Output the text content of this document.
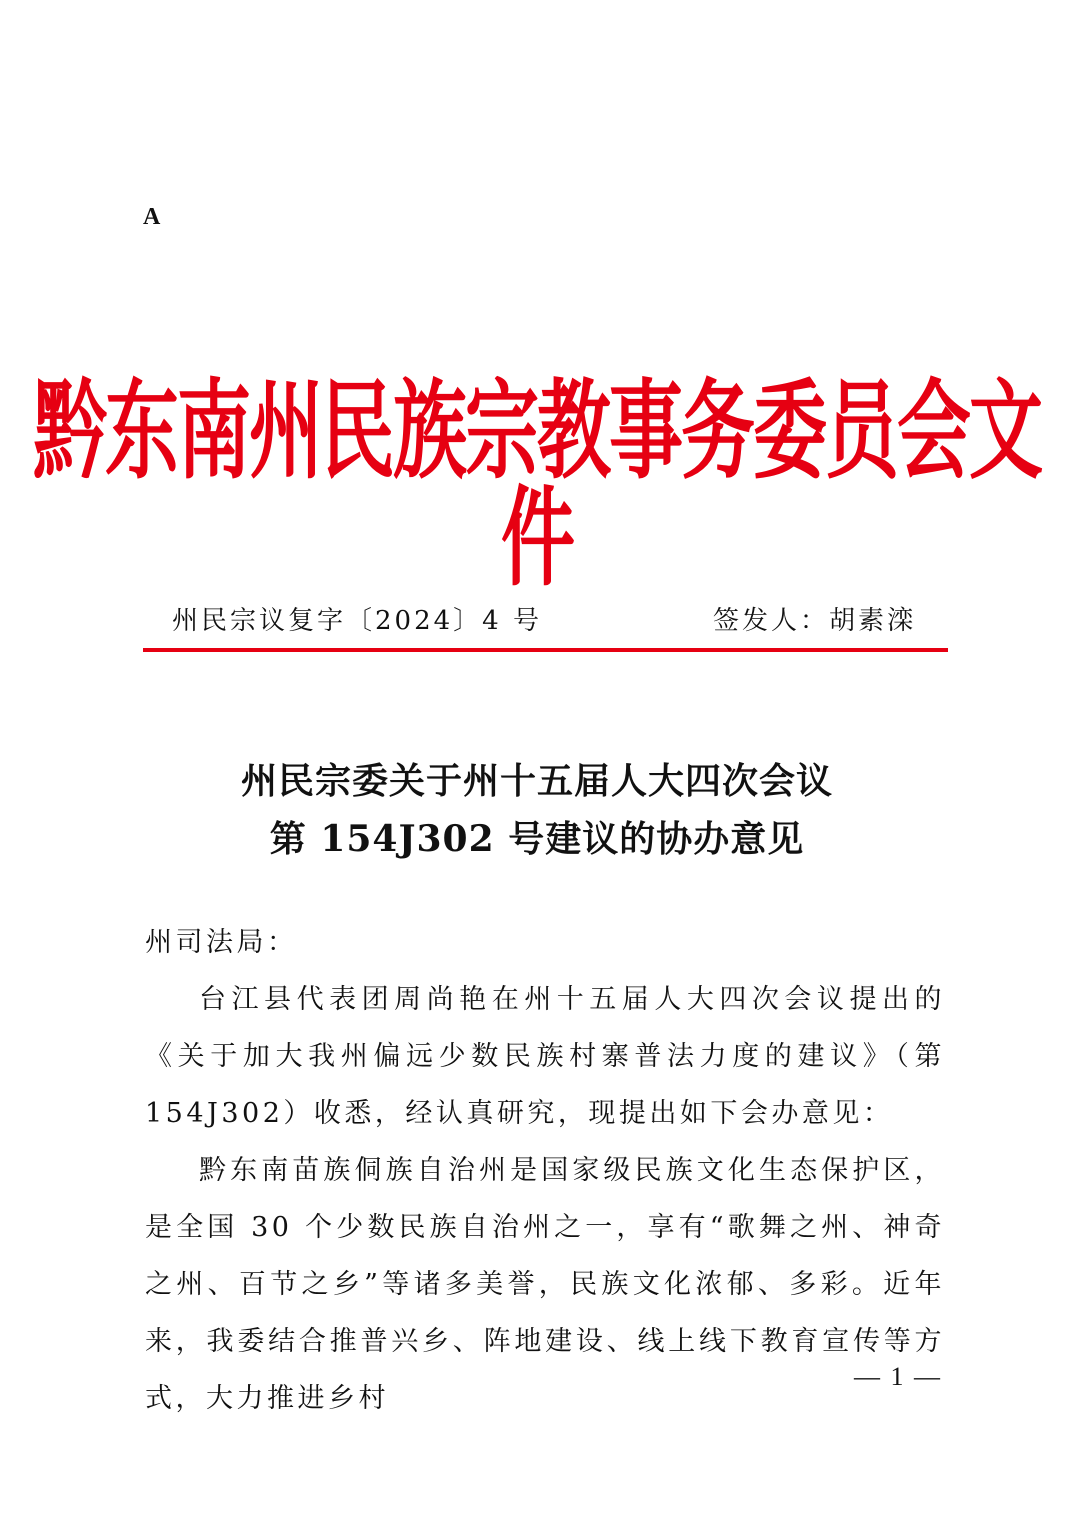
A
黔东南州民族宗教事务委员会文件
州民宗议复字〔2024〕4 号	签发人：胡素滦
州民宗委关于州十五届人大四次会议
第 154J302 号建议的协办意见

州司法局：

台江县代表团周尚艳在州十五届人大四次会议提出的《关于加大我州偏远少数民族村寨普法力度的建议》（第 154J302）收悉，经认真研究，现提出如下会办意见：

黔东南苗族侗族自治州是国家级民族文化生态保护区，是全国 30 个少数民族自治州之一，享有“歌舞之州、神奇之州、百节之乡”等诸多美誉，民族文化浓郁、多彩。近年来，我委结合推普兴乡、阵地建设、线上线下教育宣传等方式，大力推进乡村

— 1 —
